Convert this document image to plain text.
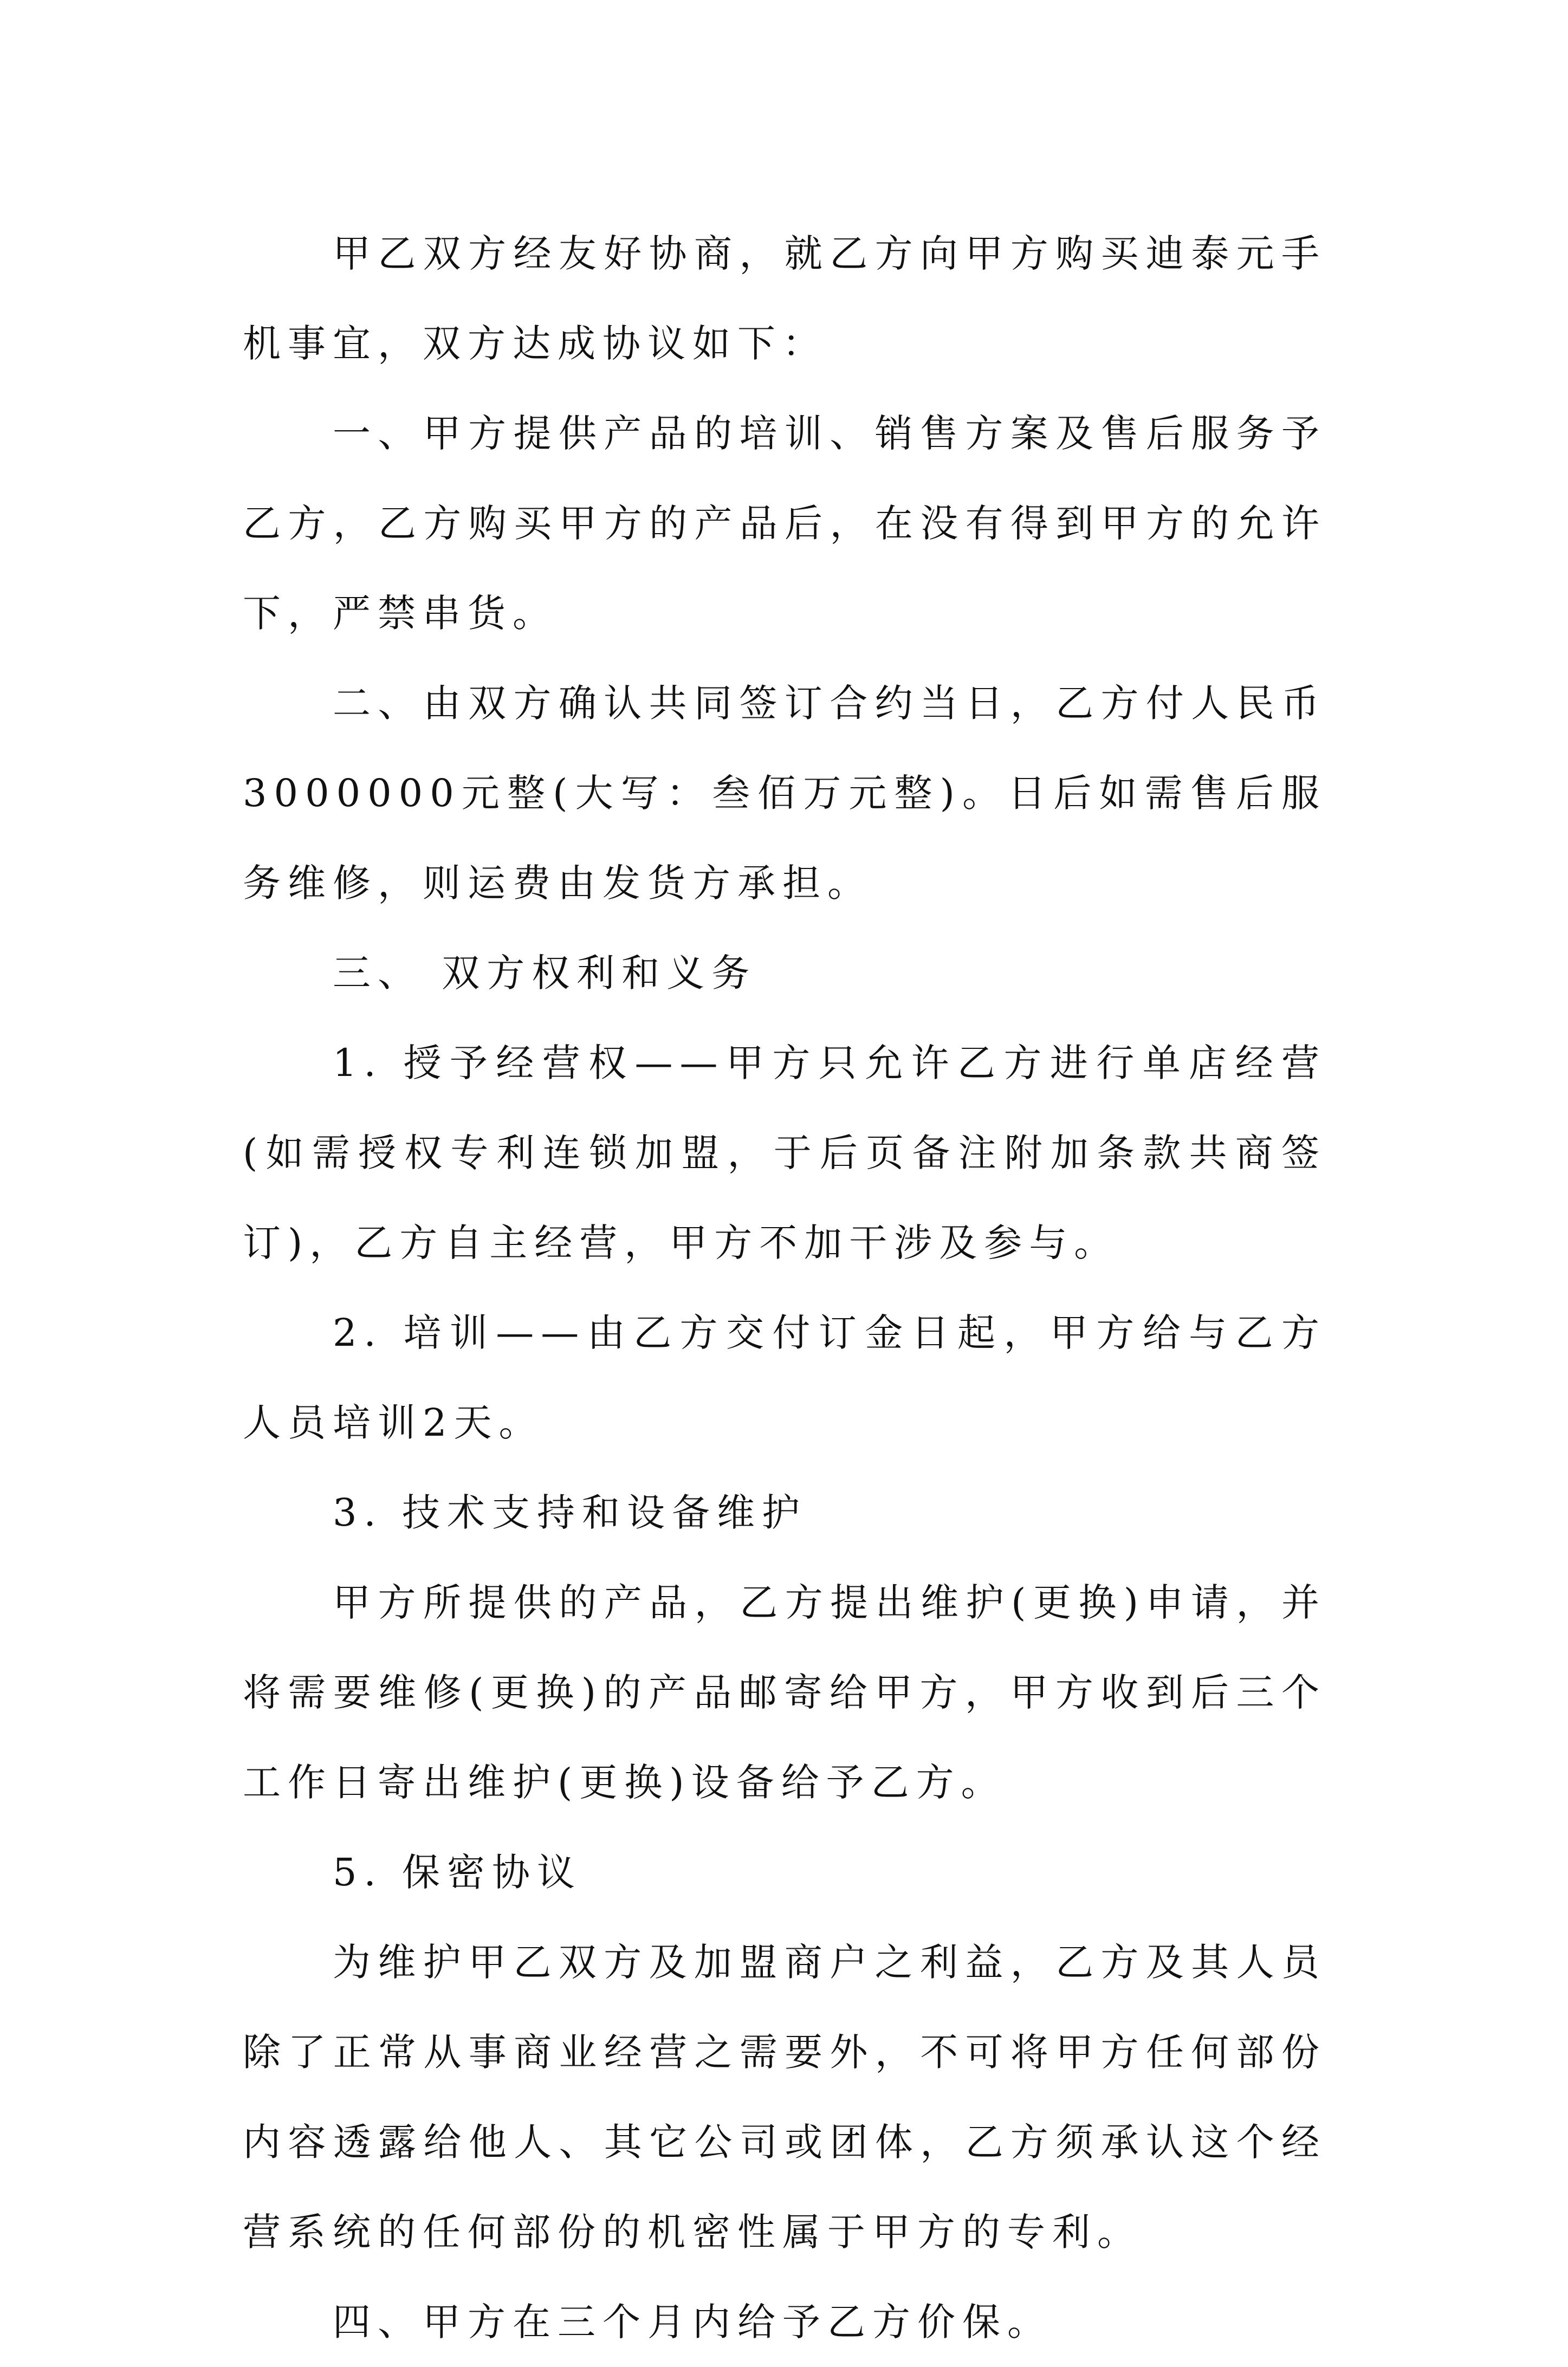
甲乙双方经友好协商，就乙方向甲方购买迪泰元手机事宜，双方达成协议如下：

一、甲方提供产品的培训、销售方案及售后服务予乙方，乙方购买甲方的产品后，在没有得到甲方的允许下，严禁串货。

二、由双方确认共同签订合约当日，乙方付人民币3000000元整(大写：叁佰万元整)。日后如需售后服务维修，则运费由发货方承担。

三、 双方权利和义务

1. 授予经营权——甲方只允许乙方进行单店经营(如需授权专利连锁加盟，于后页备注附加条款共商签订)，乙方自主经营，甲方不加干涉及参与。

2. 培训——由乙方交付订金日起，甲方给与乙方人员培训2天。

3. 技术支持和设备维护

甲方所提供的产品，乙方提出维护(更换)申请，并将需要维修(更换)的产品邮寄给甲方，甲方收到后三个工作日寄出维护(更换)设备给予乙方。

5. 保密协议

为维护甲乙双方及加盟商户之利益，乙方及其人员除了正常从事商业经营之需要外，不可将甲方任何部份内容透露给他人、其它公司或团体，乙方须承认这个经营系统的任何部份的机密性属于甲方的专利。

四、甲方在三个月内给予乙方价保。
